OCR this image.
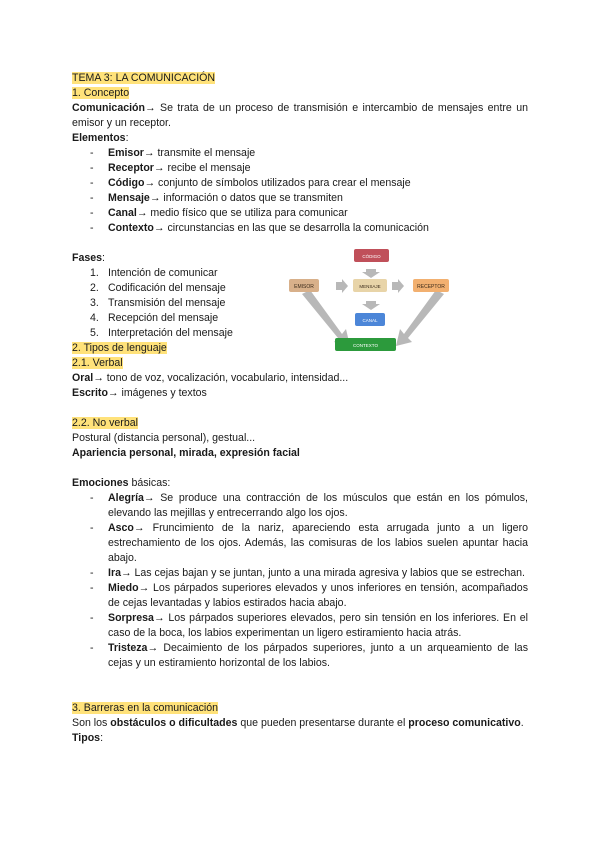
TEMA 3: LA COMUNICACIÓN

1. Concepto

Comunicación→ Se trata de un proceso de transmisión e intercambio de mensajes entre un emisor y un receptor.

Elementos:

- Emisor→ transmite el mensaje
- Receptor→ recibe el mensaje
- Código→ conjunto de símbolos utilizados para crear el mensaje
- Mensaje→ información o datos que se transmiten
- Canal→ medio físico que se utiliza para comunicar
- Contexto→ circunstancias en las que se desarrolla la comunicación

Fases:

1. Intención de comunicar
2. Codificación del mensaje
3. Transmisión del mensaje
4. Recepción del mensaje
5. Interpretación del mensaje
CÓDIGO
EMISOR	MENSAJE	RECEPTOR
CANAL
CONTEXTO

2. Tipos de lenguaje

2.1. Verbal

Oral→ tono de voz, vocalización, vocabulario, intensidad...

Escrito→ imágenes y textos

2.2. No verbal

Postural (distancia personal), gestual...

Apariencia personal, mirada, expresión facial

Emociones básicas:

- Alegría→ Se produce una contracción de los músculos que están en los pómulos, elevando las mejillas y entrecerrando algo los ojos.
- Asco→ Fruncimiento de la nariz, apareciendo esta arrugada junto a un ligero estrechamiento de los ojos. Además, las comisuras de los labios suelen apuntar hacia abajo.
- Ira→ Las cejas bajan y se juntan, junto a una mirada agresiva y labios que se estrechan.
- Miedo→ Los párpados superiores elevados y unos inferiores en tensión, acompañados de cejas levantadas y labios estirados hacia abajo.
- Sorpresa→ Los párpados superiores elevados, pero sin tensión en los inferiores. En el caso de la boca, los labios experimentan un ligero estiramiento hacia atrás.
- Tristeza→ Decaimiento de los párpados superiores, junto a un arqueamiento de las cejas y un estiramiento horizontal de los labios.

3. Barreras en la comunicación

Son los obstáculos o dificultades que pueden presentarse durante el proceso comunicativo.

Tipos:
